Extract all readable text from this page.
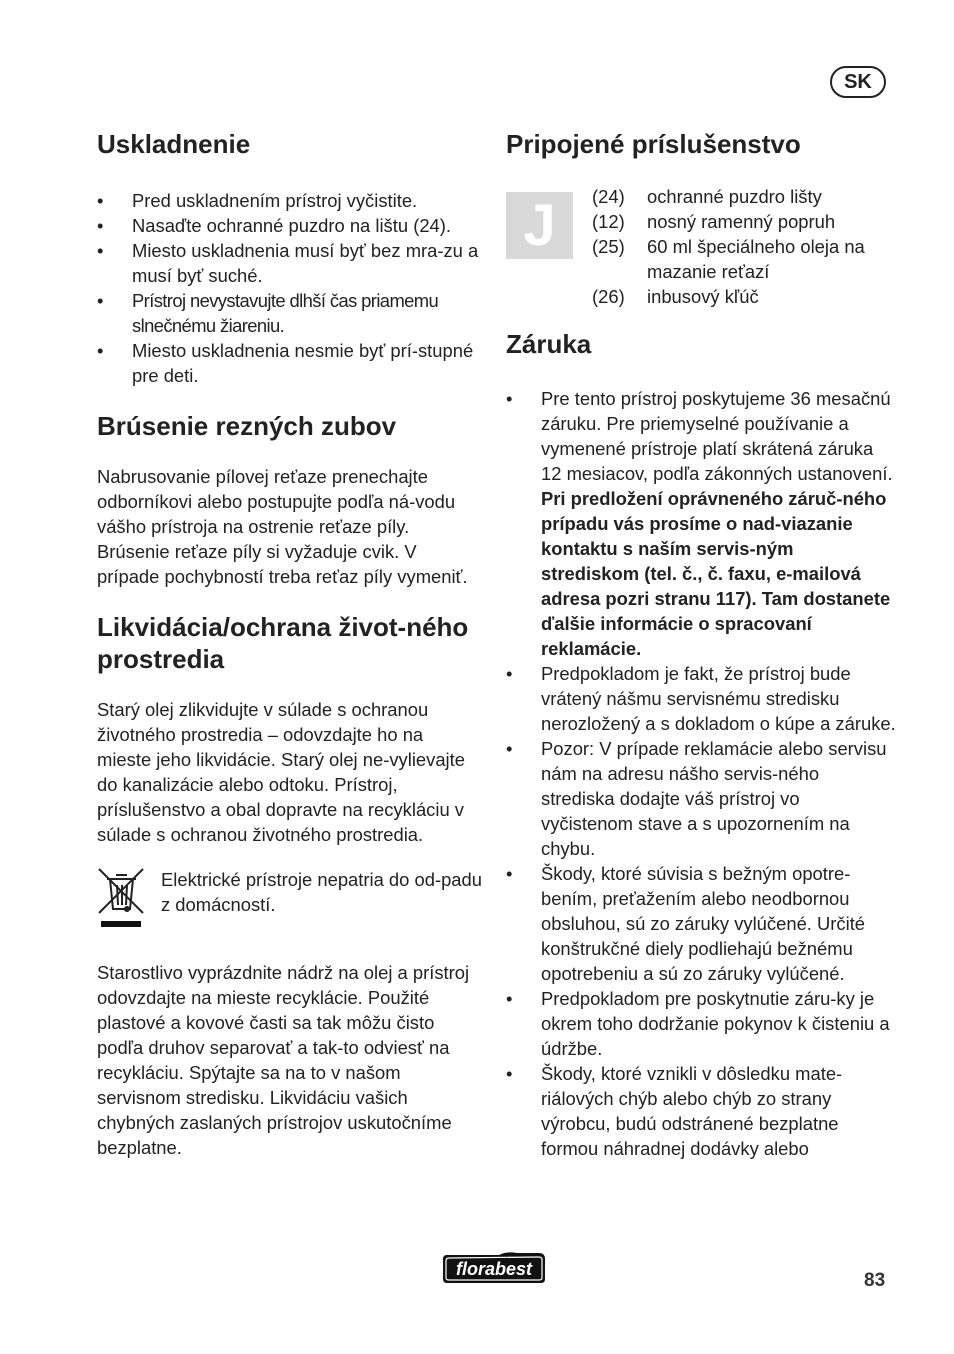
SK
Uskladnenie
• Pred uskladnením prístroj vyčistite.
• Nasaďte ochranné puzdro na lištu (24).
• Miesto uskladnenia musí byť bez mra-zu a musí byť suché.
• Prístroj nevystavujte dlhší čas priamemu slnečnému žiareniu.
• Miesto uskladnenia nesmie byť prí-stupné pre deti.
Brúsenie rezných zubov

Nabrusovanie pílovej reťaze prenechajte odborníkovi alebo postupujte podľa ná-vodu vášho prístroja na ostrenie reťaze píly. Brúsenie reťaze píly si vyžaduje cvik. V prípade pochybností treba reťaz píly vymeniť.

Likvidácia/ochrana život-ného prostredia

Starý olej zlikvidujte v súlade s ochranou životného prostredia – odovzdajte ho na mieste jeho likvidácie. Starý olej ne-vylievajte do kanalizácie alebo odtoku. Prístroj, príslušenstvo a obal dopravte na recykláciu v súlade s ochranou životného prostredia.

Elektrické prístroje nepatria do od-padu z domácností.

Starostlivo vyprázdnite nádrž na olej a prístroj odovzdajte na mieste recyklácie. Použité plastové a kovové časti sa tak môžu čisto podľa druhov separovať a tak-to odviesť na recykláciu. Spýtajte sa na to v našom servisnom stredisku. Likvidáciu vašich chybných zaslaných prístrojov uskutočníme bezplatne.

Pripojené príslušenstvo
J	(24)	ochranné puzdro lišty
(12)	nosný ramenný popruh
(25)	60 ml špeciálneho oleja na mazanie reťazí
(26)	inbusový kľúč
Záruka
• Pre tento prístroj poskytujeme 36 mesačnú záruku. Pre priemyselné používanie a vymenené prístroje platí skrátená záruka 12 mesiacov, podľa zákonných ustanovení.
Pri predložení oprávneného záruč-ného prípadu vás prosíme o nad-viazanie kontaktu s naším servis-ným strediskom (tel. č., č. faxu, e-mailová adresa pozri stranu 117). Tam dostanete ďalšie informácie o spracovaní reklamácie.
• Predpokladom je fakt, že prístroj bude vrátený nášmu servisnému stredisku nerozložený a s dokladom o kúpe a záruke.
• Pozor: V prípade reklamácie alebo servisu nám na adresu nášho servis-ného strediska dodajte váš prístroj vo vyčistenom stave a s upozornením na chybu.
• Škody, ktoré súvisia s bežným opotre-bením, preťažením alebo neodbornou obsluhou, sú zo záruky vylúčené. Určité konštrukčné diely podliehajú bežnému opotrebeniu a sú zo záruky vylúčené.
• Predpokladom pre poskytnutie záru-ky je okrem toho dodržanie pokynov k čisteniu a údržbe.
• Škody, ktoré vznikli v dôsledku mate-riálových chýb alebo chýb zo strany výrobcu, budú odstránené bezplatne formou náhradnej dodávky alebo
florabest
83
